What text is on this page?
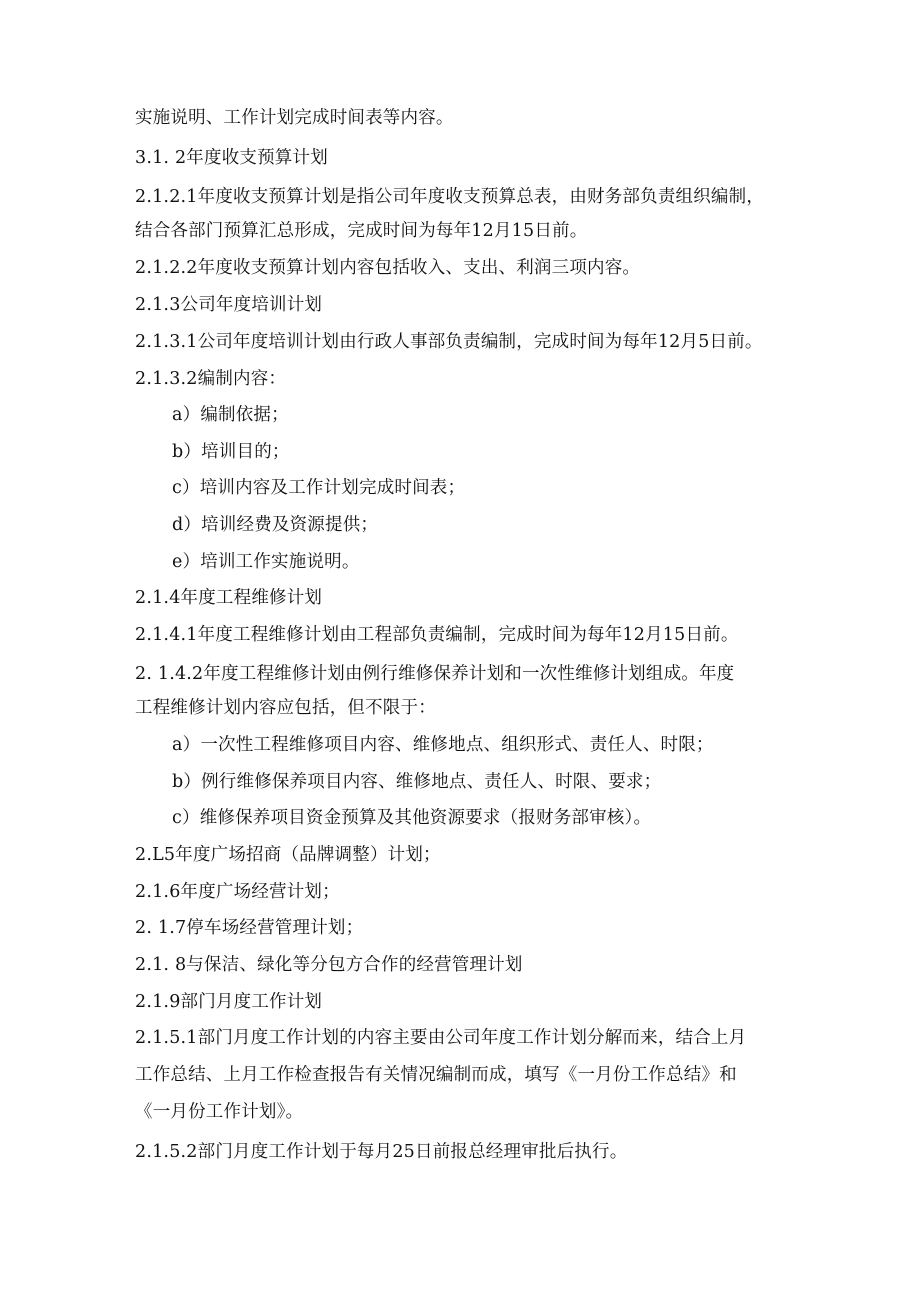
实施说明、工作计划完成时间表等内容。

3.1. 2年度收支预算计划

2.1.2.1年度收支预算计划是指公司年度收支预算总表，由财务部负责组织编制，

结合各部门预算汇总形成，完成时间为每年12月15日前。

2.1.2.2年度收支预算计划内容包括收入、支出、利润三项内容。

2.1.3公司年度培训计划

2.1.3.1公司年度培训计划由行政人事部负责编制，完成时间为每年12月5日前。

2.1.3.2编制内容：

a）编制依据；

b）培训目的；

c）培训内容及工作计划完成时间表；

d）培训经费及资源提供；

e）培训工作实施说明。

2.1.4年度工程维修计划

2.1.4.1年度工程维修计划由工程部负责编制，完成时间为每年12月15日前。

2. 1.4.2年度工程维修计划由例行维修保养计划和一次性维修计划组成。年度

工程维修计划内容应包括，但不限于：

a）一次性工程维修项目内容、维修地点、组织形式、责任人、时限；

b）例行维修保养项目内容、维修地点、责任人、时限、要求；

c）维修保养项目资金预算及其他资源要求（报财务部审核）。

2.L5年度广场招商（品牌调整）计划；

2.1.6年度广场经营计划；

2. 1.7停车场经营管理计划；

2.1. 8与保洁、绿化等分包方合作的经营管理计划

2.1.9部门月度工作计划

2.1.5.1部门月度工作计划的内容主要由公司年度工作计划分解而来，结合上月

工作总结、上月工作检查报告有关情况编制而成，填写《一月份工作总结》和

《一月份工作计划》。

2.1.5.2部门月度工作计划于每月25日前报总经理审批后执行。
